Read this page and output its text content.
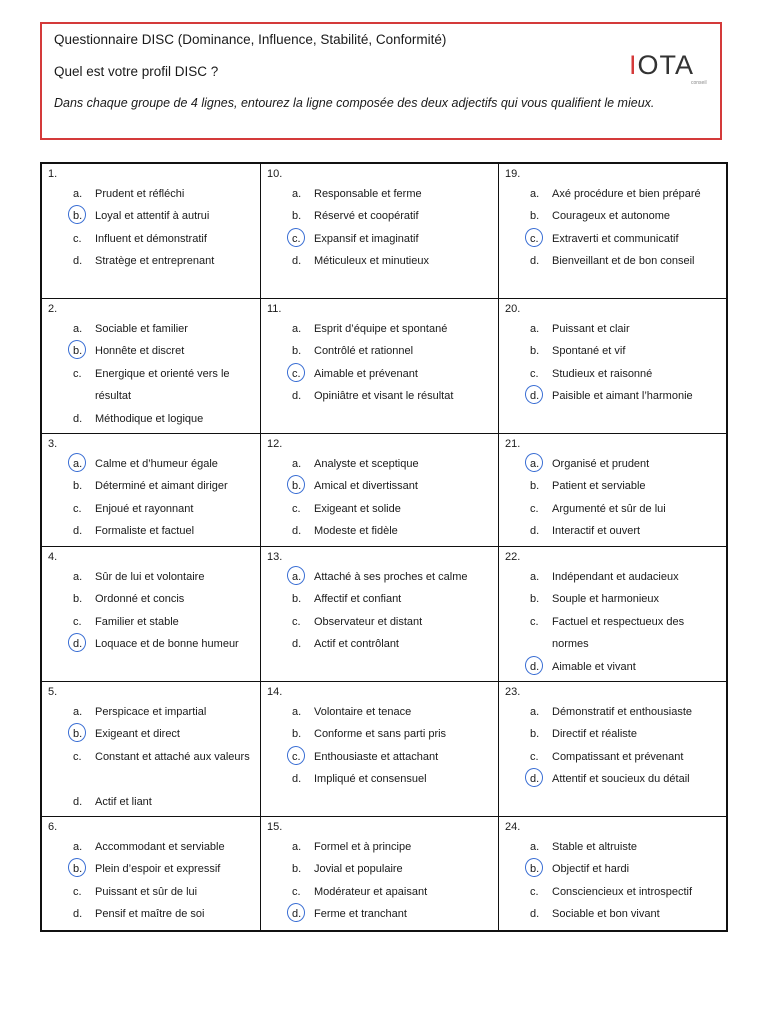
Questionnaire DISC (Dominance, Influence, Stabilité, Conformité)
Quel est votre profil DISC ?
Dans chaque groupe de 4 lignes, entourez la ligne composée des deux adjectifs qui vous qualifient le mieux.
IOTA
conseil
1.
a. Prudent et réfléchi
b. Loyal et attentif à autrui
c. Influent et démonstratif
d. Stratège et entreprenant
10.
a. Responsable et ferme
b. Réservé et coopératif
c. Expansif et imaginatif
d. Méticuleux et minutieux
19.
a. Axé procédure et bien préparé
b. Courageux et autonome
c. Extraverti et communicatif
d. Bienveillant et de bon conseil
2.
a. Sociable et familier
b. Honnête et discret
c. Energique et orienté vers le résultat
d. Méthodique et logique
11.
a. Esprit d’équipe et spontané
b. Contrôlé et rationnel
c. Aimable et prévenant
d. Opiniâtre et visant le résultat
20.
a. Puissant et clair
b. Spontané et vif
c. Studieux et raisonné
d. Paisible et aimant l’harmonie
3.
a. Calme et d’humeur égale
b. Déterminé et aimant diriger
c. Enjoué et rayonnant
d. Formaliste et factuel
12.
a. Analyste et sceptique
b. Amical et divertissant
c. Exigeant et solide
d. Modeste et fidèle
21.
a. Organisé et prudent
b. Patient et serviable
c. Argumenté et sûr de lui
d. Interactif et ouvert
4.
a. Sûr de lui et volontaire
b. Ordonné et concis
c. Familier et stable
d. Loquace et de bonne humeur
13.
a. Attaché à ses proches et calme
b. Affectif et confiant
c. Observateur et distant
d. Actif et contrôlant
22.
a. Indépendant et audacieux
b. Souple et harmonieux
c. Factuel et respectueux des normes
d. Aimable et vivant
5.
a. Perspicace et impartial
b. Exigeant et direct
c. Constant et attaché aux valeurs
d. Actif et liant
14.
a. Volontaire et tenace
b. Conforme et sans parti pris
c. Enthousiaste et attachant
d. Impliqué et consensuel
23.
a. Démonstratif et enthousiaste
b. Directif et réaliste
c. Compatissant et prévenant
d. Attentif et soucieux du détail
6.
a. Accommodant et serviable
b. Plein d’espoir et expressif
c. Puissant et sûr de lui
d. Pensif et maître de soi
15.
a. Formel et à principe
b. Jovial et populaire
c. Modérateur et apaisant
d. Ferme et tranchant
24.
a. Stable et altruiste
b. Objectif et hardi
c. Consciencieux et introspectif
d. Sociable et bon vivant
